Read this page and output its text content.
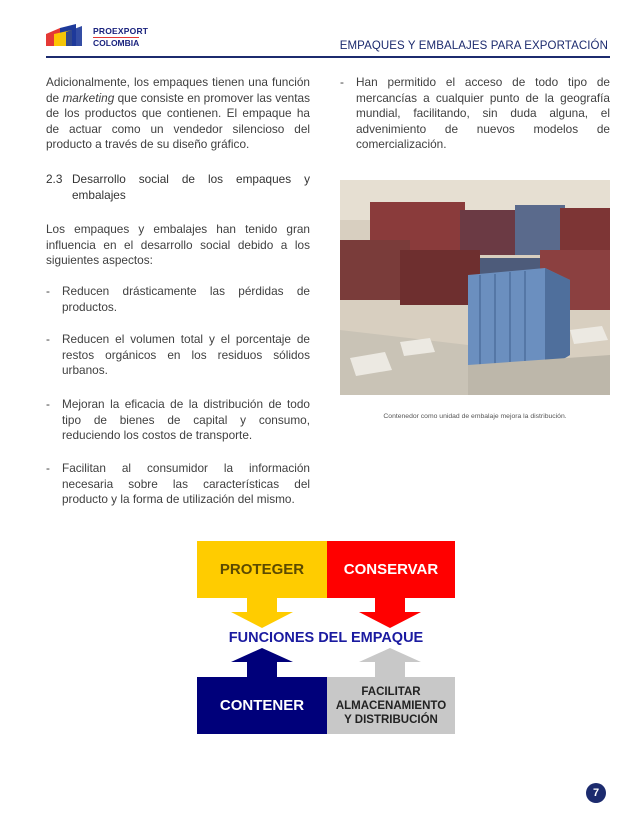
PROEXPORT
COLOMBIA	EMPAQUES Y EMBALAJES PARA EXPORTACIÓN

Adicionalmente, los empaques tienen una función de marketing que consiste en promover las ventas de los productos que contienen. El empaque ha de actuar como un vendedor silencioso del producto a través de su diseño gráfico.

2.3 Desarrollo social de los empaques y embalajes

Los empaques y embalajes han tenido gran influencia en el desarrollo social debido a los siguientes aspectos:

-	Reducen drásticamente las pérdidas de productos.
-	Reducen el volumen total y el porcentaje de restos orgánicos en los residuos sólidos urbanos.
-	Mejoran la eficacia de la distribución de todo tipo de bienes de capital y consumo, reduciendo los costos de transporte.
-	Facilitan al consumidor la información necesaria sobre las características del producto y la forma de utilización del mismo.
-	Han permitido el acceso de todo tipo de mercancías a cualquier punto de la geografía mundial, facilitando, sin duda alguna, el advenimiento de nuevos modelos de comercialización.
Contenedor como unidad de embalaje mejora la distribución.
PROTEGER	CONSERVAR
FUNCIONES DEL EMPAQUE
CONTENER
FACILITAR ALMACENAMIENTO Y DISTRIBUCIÓN
7
